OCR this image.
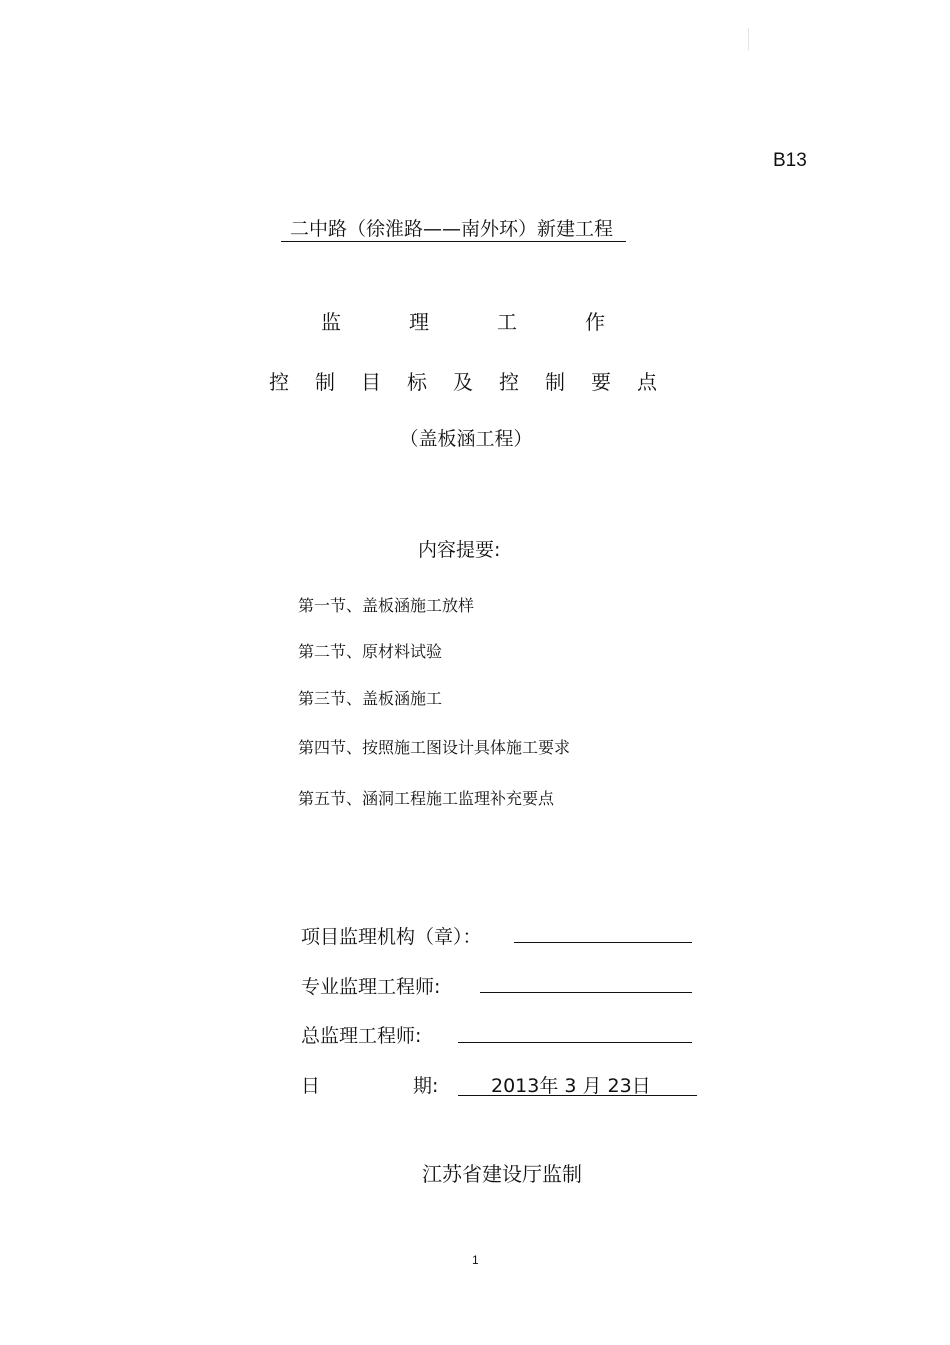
B13
二中路（徐淮路——南外环）新建工程
监	理	工	作
控 制 目 标 及 控 制 要 点
（盖板涵工程）
内容提要:
第一节、盖板涵施工放样
第二节、原材料试验
第三节、盖板涵施工
第四节、按照施工图设计具体施工要求
第五节、涵洞工程施工监理补充要点
项目监理机构（章）：
专业监理工程师:
总监理工程师:
日	期:	2013年 3 月 23日
江苏省建设厅监制
1
